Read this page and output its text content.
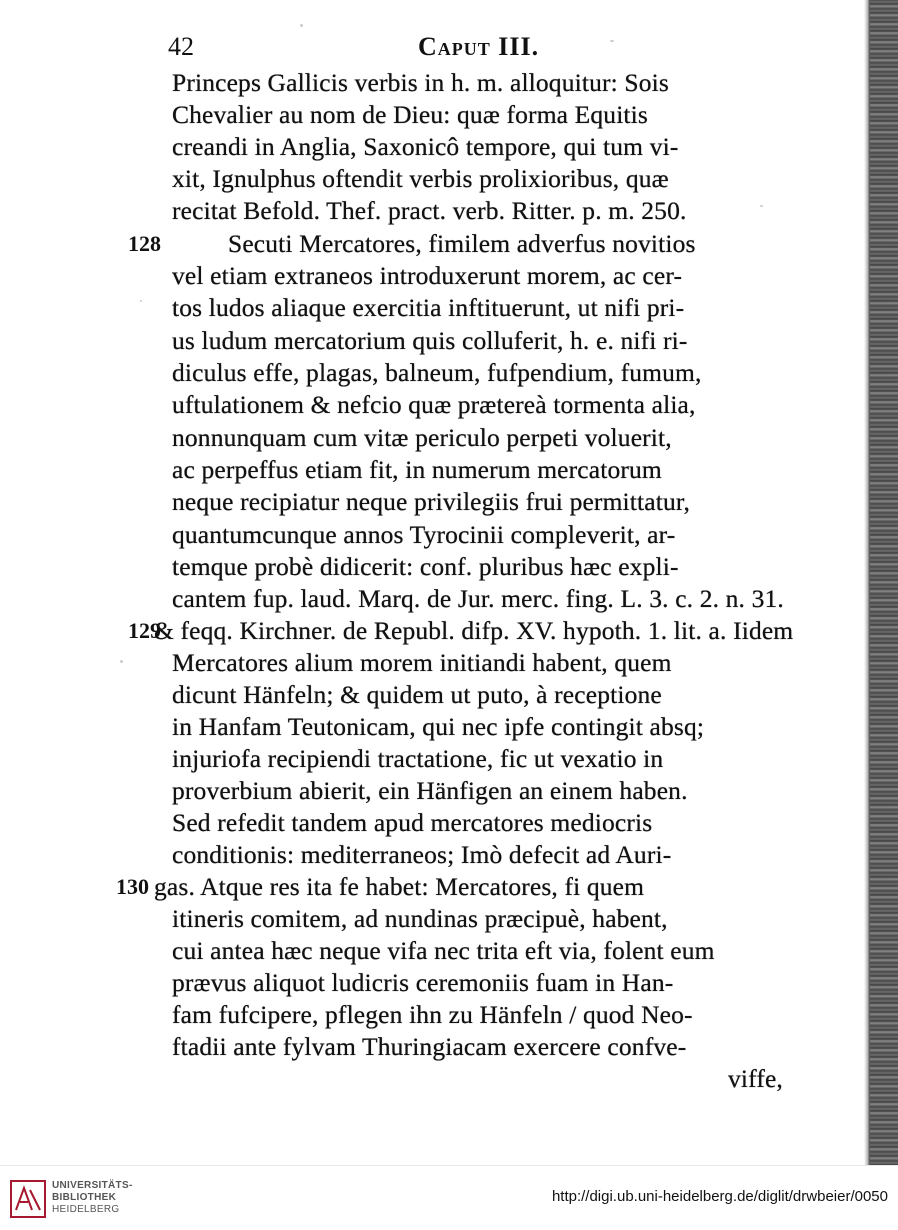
42	Caput III.
Princeps Gallicis verbis in h. m. alloquitur: Sois
Chevalier au nom de Dieu: quæ forma Equitis
creandi in Anglia, Saxonicô tempore, qui tum vi-
xit, Ignulphus oftendit verbis prolixioribus, quæ
recitat Befold. Thef. pract. verb. Ritter. p. m. 250.
Secuti Mercatores, fimilem adverfus novitios
vel etiam extraneos introduxerunt morem, ac cer-
tos ludos aliaque exercitia inftituerunt, ut nifi pri-
us ludum mercatorium quis colluferit, h. e. nifi ri-
diculus effe, plagas, balneum, fufpendium, fumum,
uftulationem & nefcio quæ prætereà tormenta alia,
nonnunquam cum vitæ periculo perpeti voluerit,
ac perpeffus etiam fit, in numerum mercatorum
neque recipiatur neque privilegiis frui permittatur,
quantumcunque annos Tyrocinii compleverit, ar-
temque probè didicerit: conf. pluribus hæc expli-
cantem fup. laud. Marq. de Jur. merc. fing. L. 3. c. 2. n. 31.
& feqq. Kirchner. de Republ. difp. XV. hypoth. 1. lit. a. Iidem
Mercatores alium morem initiandi habent, quem
dicunt Hänfeln; & quidem ut puto, à receptione
in Hanfam Teutonicam, qui nec ipfe contingit absq;
injuriofa recipiendi tractatione, fic ut vexatio in
proverbium abierit, ein Hänfigen an einem haben.
Sed refedit tandem apud mercatores mediocris
conditionis: mediterraneos; Imò defecit ad Auri-
gas. Atque res ita fe habet: Mercatores, fi quem
itineris comitem, ad nundinas præcipuè, habent,
cui antea hæc neque vifa nec trita eft via, folent eum
prævus aliquot ludicris ceremoniis fuam in Han-
fam fufcipere, pflegen ihn zu Hänfeln / quod Neo-
ftadii ante fylvam Thuringiacam exercere confve-
viffe,
128
129
130
UNIVERSITÄTS-
BIBLIOTHEK
HEIDELBERG
http://digi.ub.uni-heidelberg.de/diglit/drwbeier/0050
